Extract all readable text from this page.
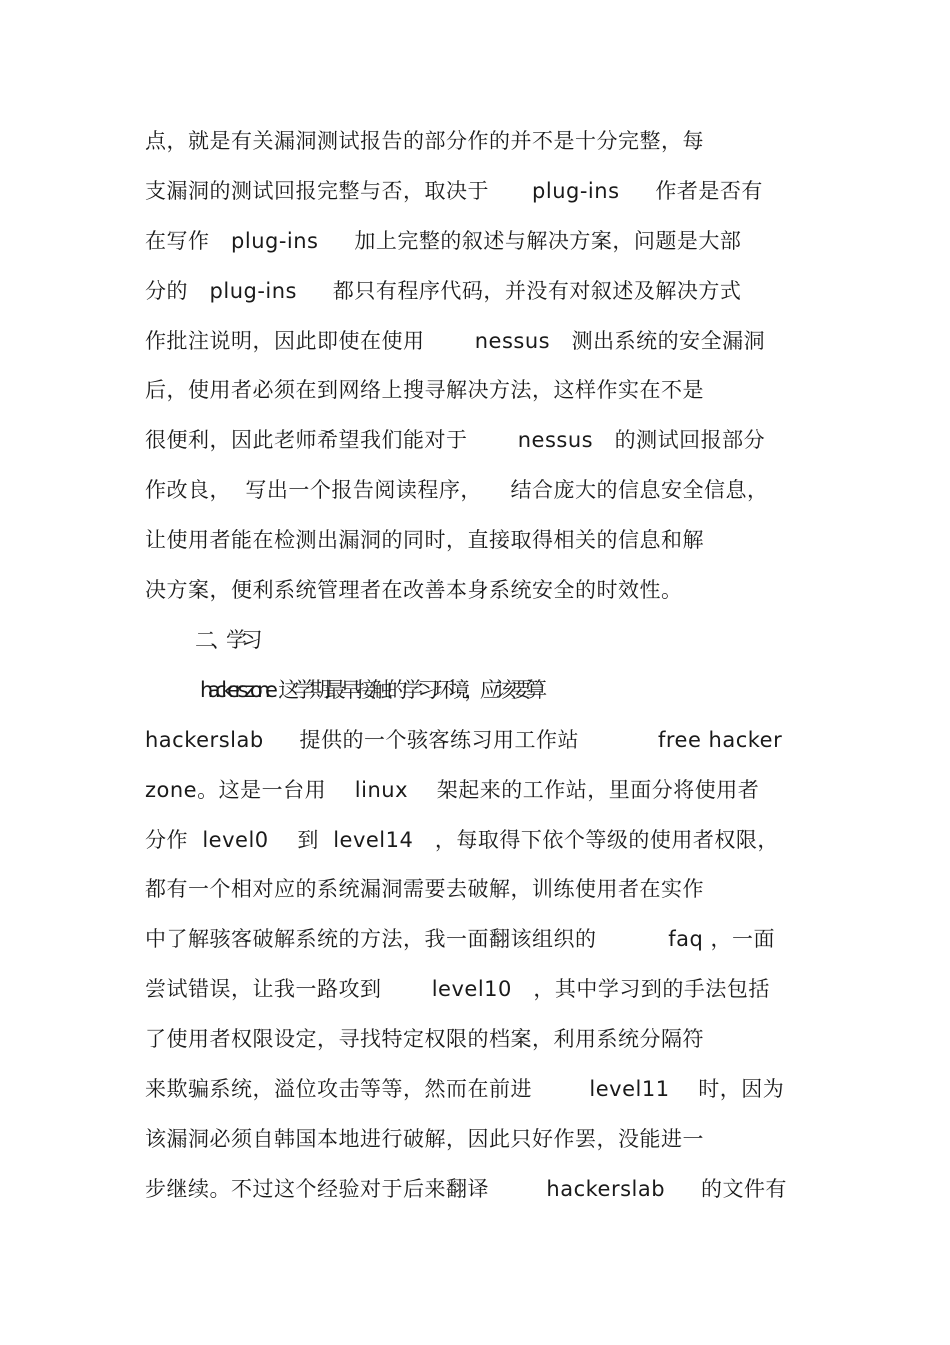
点，就是有关漏洞测试报告的部分作的并不是十分完整，每
支漏洞的测试回报完整与否，取决于      plug-ins     作者是否有
在写作   plug-ins     加上完整的叙述与解决方案，问题是大部
分的   plug-ins     都只有程序代码，并没有对叙述及解决方式
作批注说明，因此即使在使用       nessus   测出系统的安全漏洞
后，使用者必须在到网络上搜寻解决方法，这样作实在不是
很便利，因此老师希望我们能对于       nessus   的测试回报部分
作改良，  写出一个报告阅读程序，    结合庞大的信息安全信息，
让使用者能在检测出漏洞的同时，直接取得相关的信息和解
决方案，便利系统管理者在改善本身系统安全的时效性。
二、学习
hackers zone     这学期最早接触的学习环境，应该要算
hackerslab     提供的一个骇客练习用工作站           free hacker
zone。这是一台用    linux    架起来的工作站，里面分将使用者
分作  level0    到  level14   ，每取得下依个等级的使用者权限，
都有一个相对应的系统漏洞需要去破解，训练使用者在实作
中了解骇客破解系统的方法，我一面翻该组织的          faq ，一面
尝试错误，让我一路攻到       level10   ，其中学习到的手法包括
了使用者权限设定，寻找特定权限的档案，利用系统分隔符
来欺骗系统，溢位攻击等等，然而在前进        level11    时，因为
该漏洞必须自韩国本地进行破解，因此只好作罢，没能进一
步继续。不过这个经验对于后来翻译        hackerslab     的文件有
